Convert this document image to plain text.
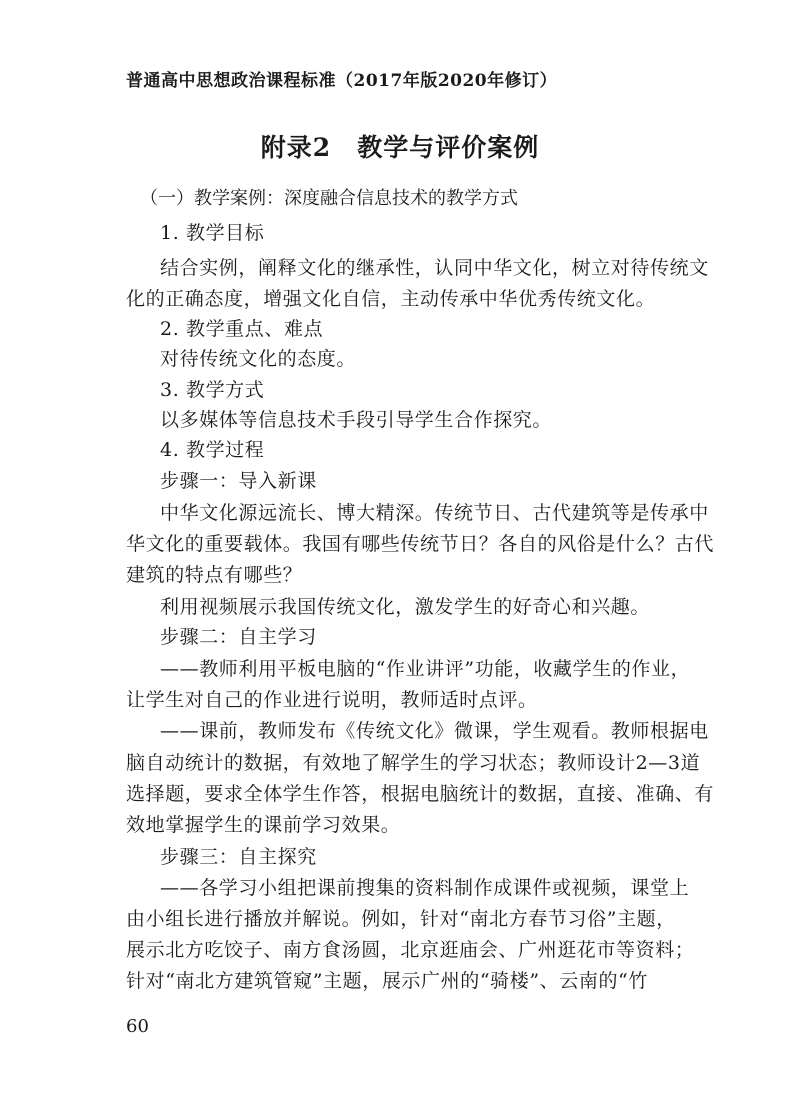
普通高中思想政治课程标准（2017年版2020年修订）
附录2　教学与评价案例
（一）教学案例：深度融合信息技术的教学方式
1. 教学目标
结合实例，阐释文化的继承性，认同中华文化，树立对待传统文
化的正确态度，增强文化自信，主动传承中华优秀传统文化。
2. 教学重点、难点
对待传统文化的态度。
3. 教学方式
以多媒体等信息技术手段引导学生合作探究。
4. 教学过程
步骤一：导入新课
中华文化源远流长、博大精深。传统节日、古代建筑等是传承中
华文化的重要载体。我国有哪些传统节日？各自的风俗是什么？古代
建筑的特点有哪些？
利用视频展示我国传统文化，激发学生的好奇心和兴趣。
步骤二：自主学习
——教师利用平板电脑的“作业讲评”功能，收藏学生的作业，
让学生对自己的作业进行说明，教师适时点评。
——课前，教师发布《传统文化》微课，学生观看。教师根据电
脑自动统计的数据，有效地了解学生的学习状态；教师设计2—3道
选择题，要求全体学生作答，根据电脑统计的数据，直接、准确、有
效地掌握学生的课前学习效果。
步骤三：自主探究
——各学习小组把课前搜集的资料制作成课件或视频，课堂上
由小组长进行播放并解说。例如，针对“南北方春节习俗”主题，
展示北方吃饺子、南方食汤圆，北京逛庙会、广州逛花市等资料；
针对“南北方建筑管窥”主题，展示广州的“骑楼”、云南的“竹
60
